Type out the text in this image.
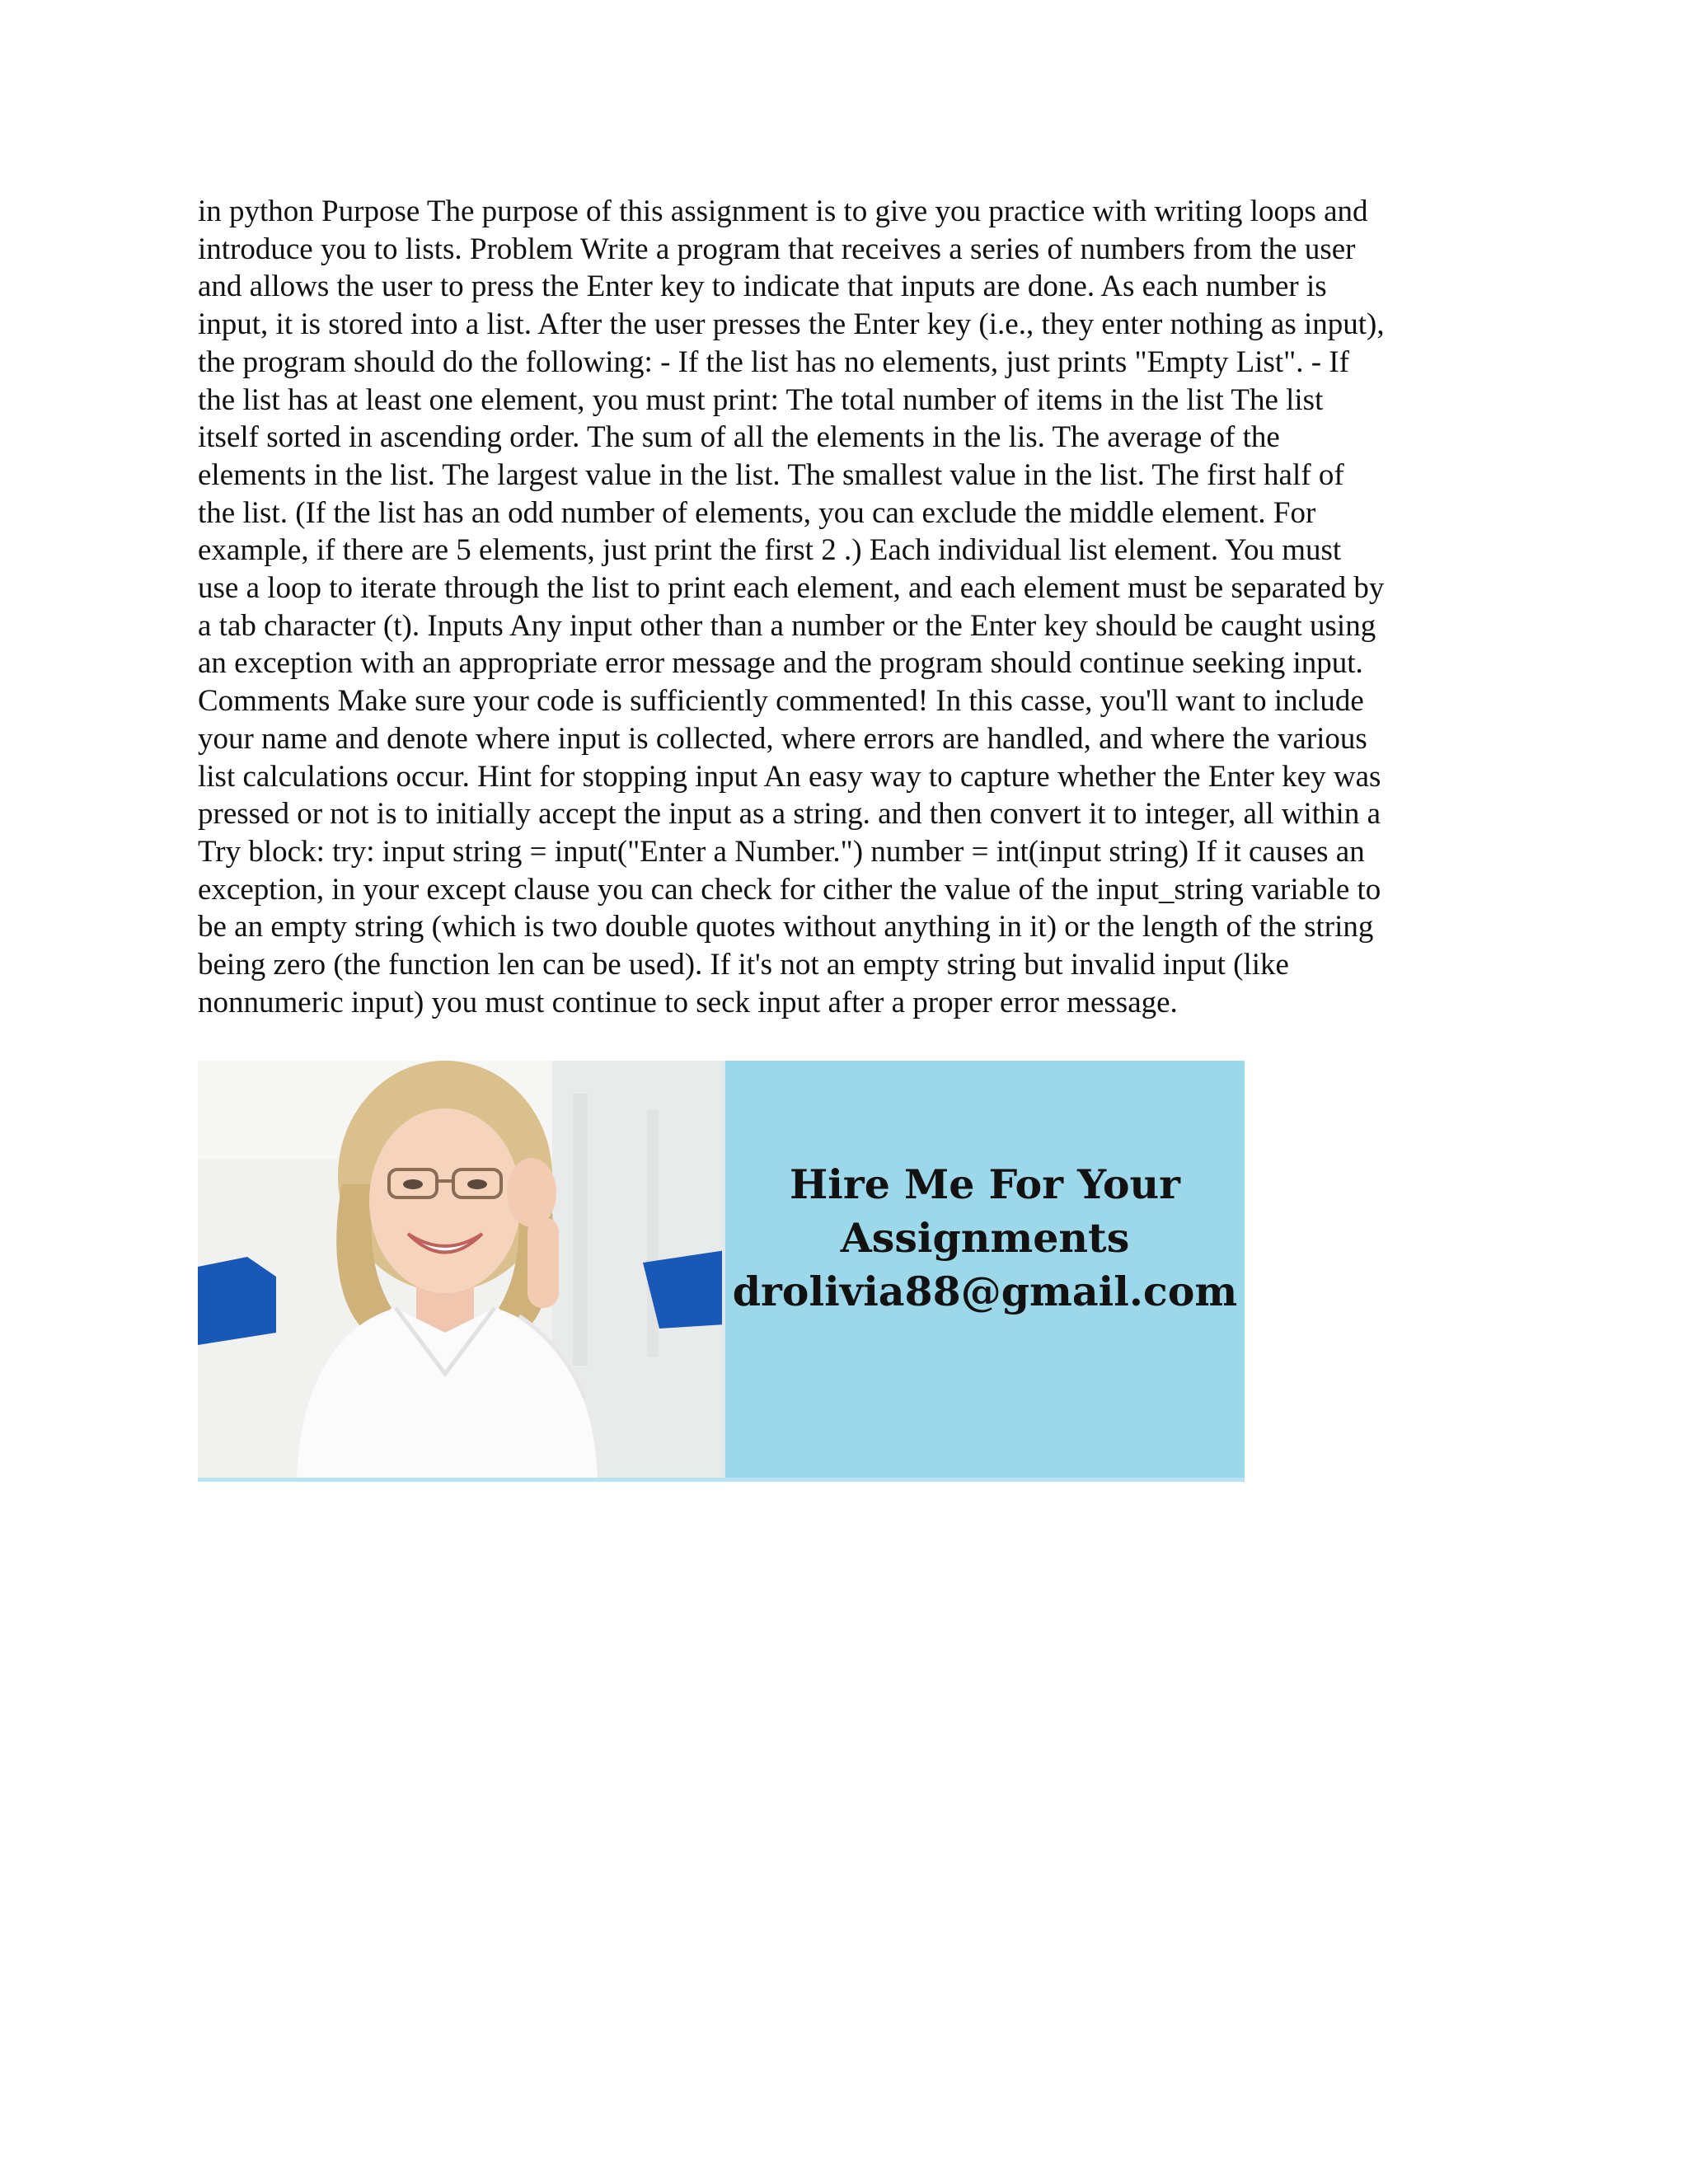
in python Purpose The purpose of this assignment is to give you practice with writing loops and
introduce you to lists. Problem Write a program that receives a series of numbers from the user
and allows the user to press the Enter key to indicate that inputs are done. As each number is
input, it is stored into a list. After the user presses the Enter key (i.e., they enter nothing as input),
the program should do the following: - If the list has no elements, just prints "Empty List". - If
the list has at least one element, you must print: The total number of items in the list The list
itself sorted in ascending order. The sum of all the elements in the lis. The average of the
elements in the list. The largest value in the list. The smallest value in the list. The first half of
the list. (If the list has an odd number of elements, you can exclude the middle element. For
example, if there are 5 elements, just print the first 2 .) Each individual list element. You must
use a loop to iterate through the list to print each element, and each element must be separated by
a tab character (t). Inputs Any input other than a number or the Enter key should be caught using
an exception with an appropriate error message and the program should continue seeking input.
Comments Make sure your code is sufficiently commented! In this casse, you'll want to include
your name and denote where input is collected, where errors are handled, and where the various
list calculations occur. Hint for stopping input An easy way to capture whether the Enter key was
pressed or not is to initially accept the input as a string. and then convert it to integer, all within a
Try block: try: input string = input("Enter a Number.") number = int(input string) If it causes an
exception, in your except clause you can check for cither the value of the input_string variable to
be an empty string (which is two double quotes without anything in it) or the length of the string
being zero (the function len can be used). If it's not an empty string but invalid input (like
nonnumeric input) you must continue to seck input after a proper error message.

Hire Me For Your
Assignments
drolivia88@gmail.com
